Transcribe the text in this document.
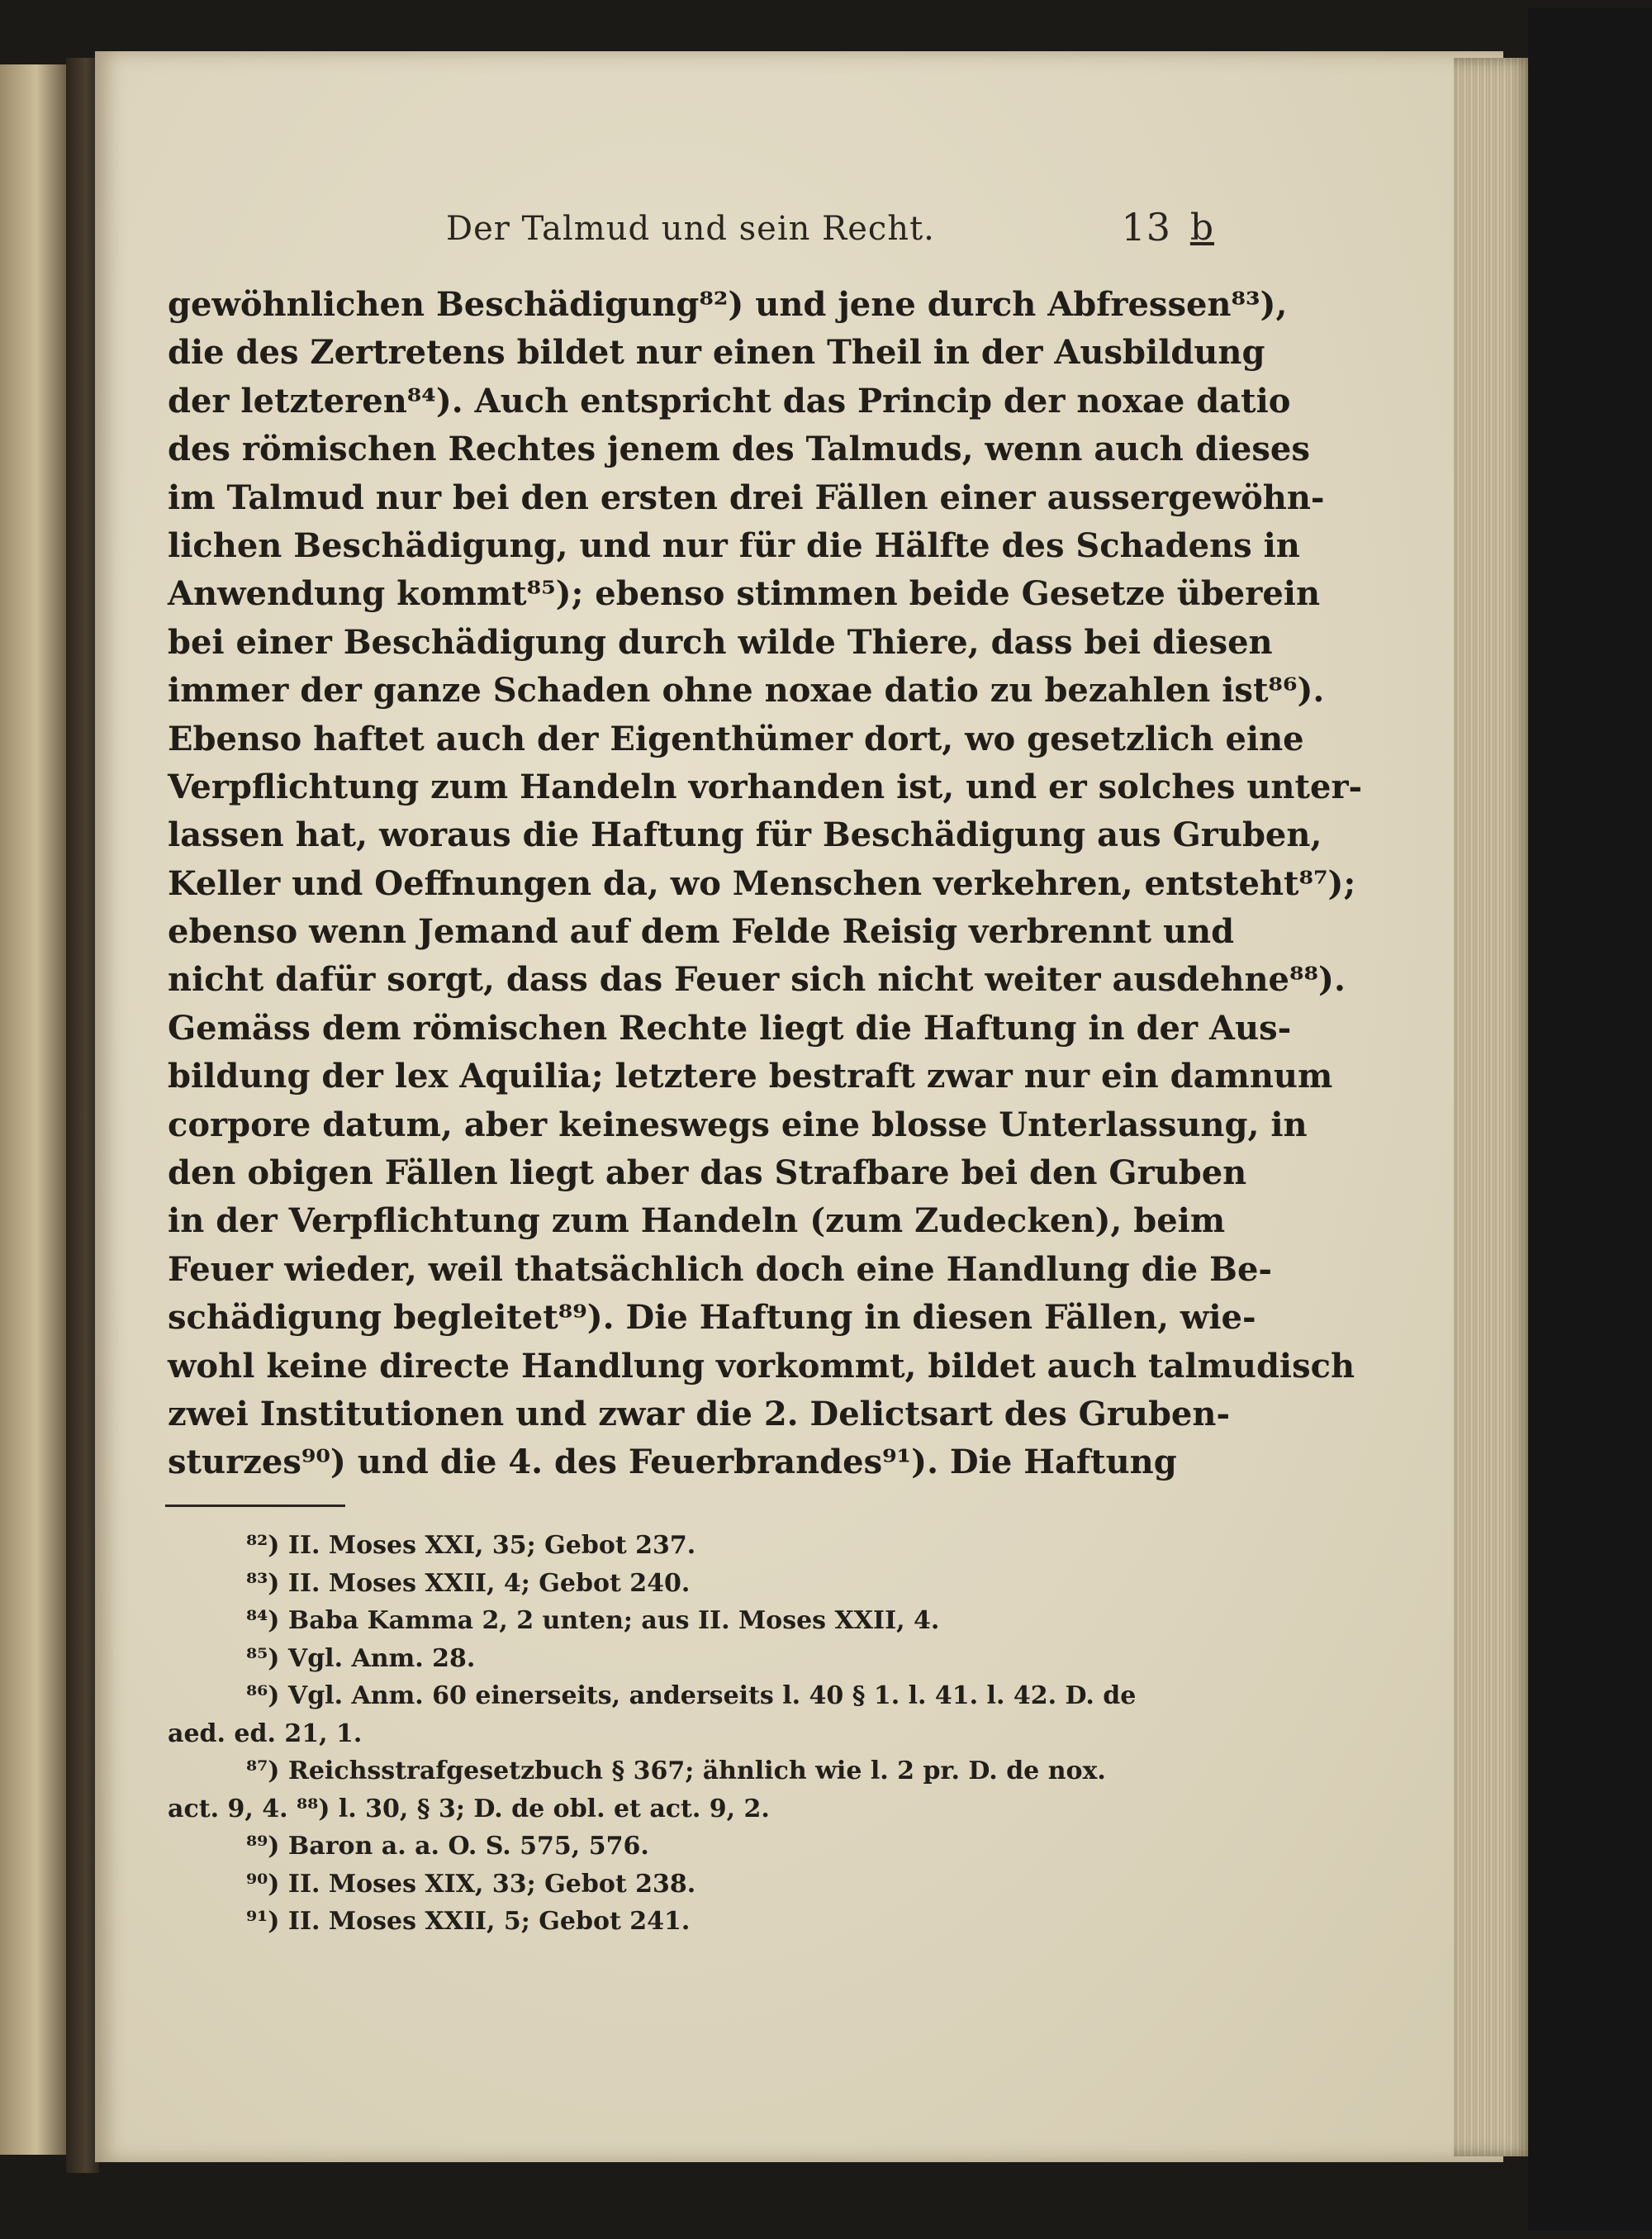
Der Talmud und sein Recht.	13 b
gewöhnlichen Beschädigung⁸²) und jene durch Abfressen⁸³),
die des Zertretens bildet nur einen Theil in der Ausbildung
der letzteren⁸⁴). Auch entspricht das Princip der noxae datio
des römischen Rechtes jenem des Talmuds, wenn auch dieses
im Talmud nur bei den ersten drei Fällen einer aussergewöhn-
lichen Beschädigung, und nur für die Hälfte des Schadens in
Anwendung kommt⁸⁵); ebenso stimmen beide Gesetze überein
bei einer Beschädigung durch wilde Thiere, dass bei diesen
immer der ganze Schaden ohne noxae datio zu bezahlen ist⁸⁶).
Ebenso haftet auch der Eigenthümer dort, wo gesetzlich eine
Verpflichtung zum Handeln vorhanden ist, und er solches unter-
lassen hat, woraus die Haftung für Beschädigung aus Gruben,
Keller und Oeffnungen da, wo Menschen verkehren, entsteht⁸⁷);
ebenso wenn Jemand auf dem Felde Reisig verbrennt und
nicht dafür sorgt, dass das Feuer sich nicht weiter ausdehne⁸⁸).
Gemäss dem römischen Rechte liegt die Haftung in der Aus-
bildung der lex Aquilia; letztere bestraft zwar nur ein damnum
corpore datum, aber keineswegs eine blosse Unterlassung, in
den obigen Fällen liegt aber das Strafbare bei den Gruben
in der Verpflichtung zum Handeln (zum Zudecken), beim
Feuer wieder, weil thatsächlich doch eine Handlung die Be-
schädigung begleitet⁸⁹). Die Haftung in diesen Fällen, wie-
wohl keine directe Handlung vorkommt, bildet auch talmudisch
zwei Institutionen und zwar die 2. Delictsart des Gruben-
sturzes⁹⁰) und die 4. des Feuerbrandes⁹¹). Die Haftung
⁸²) II. Moses XXI, 35; Gebot 237.
⁸³) II. Moses XXII, 4; Gebot 240.
⁸⁴) Baba Kamma 2, 2 unten; aus II. Moses XXII, 4.
⁸⁵) Vgl. Anm. 28.
⁸⁶) Vgl. Anm. 60 einerseits, anderseits l. 40 § 1. l. 41. l. 42. D. de
aed. ed. 21, 1.
⁸⁷) Reichsstrafgesetzbuch § 367; ähnlich wie l. 2 pr. D. de nox.
act. 9, 4. ⁸⁸) l. 30, § 3; D. de obl. et act. 9, 2.
⁸⁹) Baron a. a. O. S. 575, 576.
⁹⁰) II. Moses XIX, 33; Gebot 238.
⁹¹) II. Moses XXII, 5; Gebot 241.
